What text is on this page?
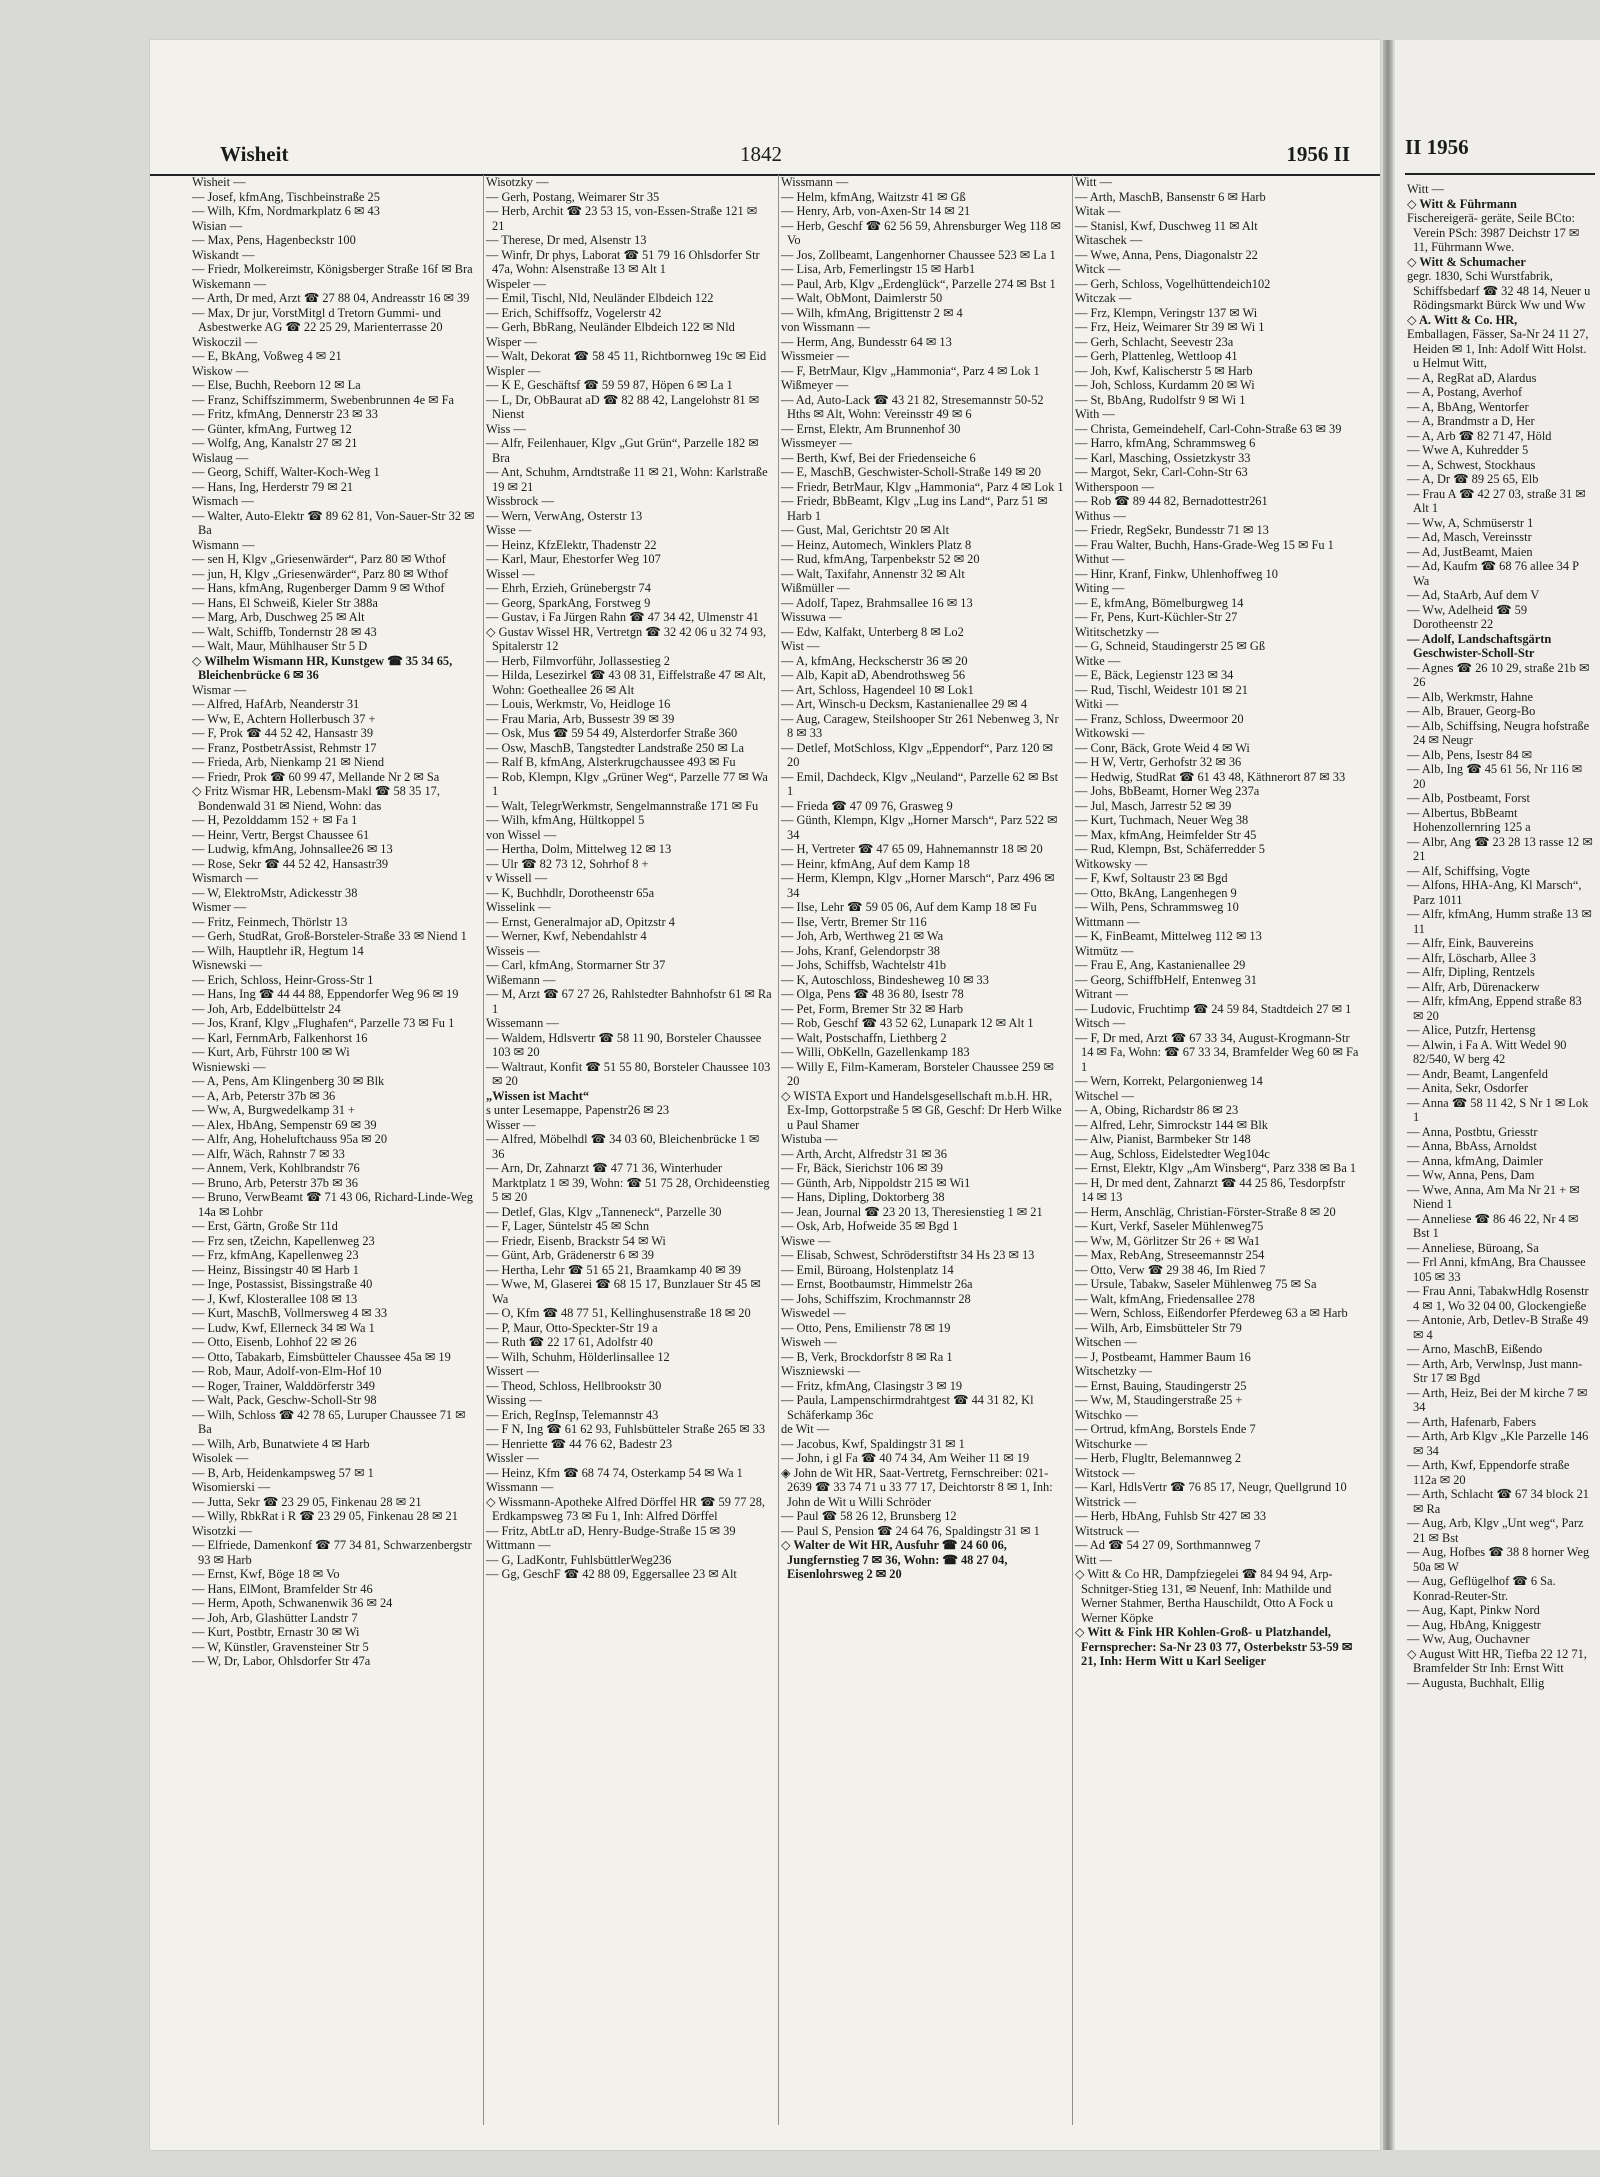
Wisheit	1842	1956 II
Wisheit —
— Josef, kfmAng, Tischbeinstraße 25
— Wilh, Kfm, Nordmarkplatz 6 ✉ 43
Wisian —
— Max, Pens, Hagenbeckstr 100
Wiskandt —
— Friedr, Molkereimstr, Königsberger Straße 16f ✉ Bra
Wiskemann —
— Arth, Dr med, Arzt ☎ 27 88 04, Andreasstr 16 ✉ 39
— Max, Dr jur, VorstMitgl d Tretorn Gummi- und Asbestwerke AG ☎ 22 25 29, Marienterrasse 20
Wiskoczil —
— E, BkAng, Voßweg 4 ✉ 21
Wiskow —
— Else, Buchh, Reeborn 12 ✉ La
— Franz, Schiffszimmerm, Swebenbrunnen 4e ✉ Fa
— Fritz, kfmAng, Dennerstr 23 ✉ 33
— Günter, kfmAng, Furtweg 12
— Wolfg, Ang, Kanalstr 27 ✉ 21
Wislaug —
— Georg, Schiff, Walter-Koch-Weg 1
— Hans, Ing, Herderstr 79 ✉ 21
Wismach —
— Walter, Auto-Elektr ☎ 89 62 81, Von-Sauer-Str 32 ✉ Ba
Wismann —
— sen H, Klgv „Griesenwärder“, Parz 80 ✉ Wthof
— jun, H, Klgv „Griesenwärder“, Parz 80 ✉ Wthof
— Hans, kfmAng, Rugenberger Damm 9 ✉ Wthof
— Hans, El Schweiß, Kieler Str 388a
— Marg, Arb, Duschweg 25 ✉ Alt
— Walt, Schiffb, Tondernstr 28 ✉ 43
— Walt, Maur, Mühlhauser Str 5 D
◇ Wilhelm Wismann HR, Kunstgew ☎ 35 34 65, Bleichenbrücke 6 ✉ 36
Wismar —
— Alfred, HafArb, Neanderstr 31
— Ww, E, Achtern Hollerbusch 37 +
— F, Prok ☎ 44 52 42, Hansastr 39
— Franz, PostbetrAssist, Rehmstr 17
— Frieda, Arb, Nienkamp 21 ✉ Niend
— Friedr, Prok ☎ 60 99 47, Mellande Nr 2 ✉ Sa
◇ Fritz Wismar HR, Lebensm-Makl ☎ 58 35 17, Bondenwald 31 ✉ Niend, Wohn: das
— H, Pezolddamm 152 + ✉ Fa 1
— Heinr, Vertr, Bergst Chaussee 61
— Ludwig, kfmAng, Johnsallee26 ✉ 13
— Rose, Sekr ☎ 44 52 42, Hansastr39
Wismarch —
— W, ElektroMstr, Adickesstr 38
Wismer —
— Fritz, Feinmech, Thörlstr 13
— Gerh, StudRat, Groß-Borsteler-Straße 33 ✉ Niend 1
— Wilh, Hauptlehr iR, Hegtum 14
Wisnewski —
— Erich, Schloss, Heinr-Gross-Str 1
— Hans, Ing ☎ 44 44 88, Eppendorfer Weg 96 ✉ 19
— Joh, Arb, Eddelbüttelstr 24
— Jos, Kranf, Klgv „Flughafen“, Parzelle 73 ✉ Fu 1
— Karl, FernmArb, Falkenhorst 16
— Kurt, Arb, Führstr 100 ✉ Wi
Wisniewski —
— A, Pens, Am Klingenberg 30 ✉ Blk
— A, Arb, Peterstr 37b ✉ 36
— Ww, A, Burgwedelkamp 31 +
— Alex, HbAng, Sempenstr 69 ✉ 39
— Alfr, Ang, Hoheluftchauss 95a ✉ 20
— Alfr, Wäch, Rahnstr 7 ✉ 33
— Annem, Verk, Kohlbrandstr 76
— Bruno, Arb, Peterstr 37b ✉ 36
— Bruno, VerwBeamt ☎ 71 43 06, Richard-Linde-Weg 14a ✉ Lohbr
— Erst, Gärtn, Große Str 11d
— Frz sen, tZeichn, Kapellenweg 23
— Frz, kfmAng, Kapellenweg 23
— Heinz, Bissingstr 40 ✉ Harb 1
— Inge, Postassist, Bissingstraße 40
— J, Kwf, Klosterallee 108 ✉ 13
— Kurt, MaschB, Vollmersweg 4 ✉ 33
— Ludw, Kwf, Ellerneck 34 ✉ Wa 1
— Otto, Eisenb, Lohhof 22 ✉ 26
— Otto, Tabakarb, Eimsbütteler Chaussee 45a ✉ 19
— Rob, Maur, Adolf-von-Elm-Hof 10
— Roger, Trainer, Walddörferstr 349
— Walt, Pack, Geschw-Scholl-Str 98
— Wilh, Schloss ☎ 42 78 65, Luruper Chaussee 71 ✉ Ba
— Wilh, Arb, Bunatwiete 4 ✉ Harb
Wisolek —
— B, Arb, Heidenkampsweg 57 ✉ 1
Wisomierski —
— Jutta, Sekr ☎ 23 29 05, Finkenau 28 ✉ 21
— Willy, RbkRat i R ☎ 23 29 05, Finkenau 28 ✉ 21
Wisotzki —
— Elfriede, Damenkonf ☎ 77 34 81, Schwarzenbergstr 93 ✉ Harb
— Ernst, Kwf, Böge 18 ✉ Vo
— Hans, ElMont, Bramfelder Str 46
— Herm, Apoth, Schwanenwik 36 ✉ 24
— Joh, Arb, Glashütter Landstr 7
— Kurt, Postbtr, Ernastr 30 ✉ Wi
— W, Künstler, Gravensteiner Str 5
— W, Dr, Labor, Ohlsdorfer Str 47a
Wisotzky —
— Gerh, Postang, Weimarer Str 35
— Herb, Archit ☎ 23 53 15, von-Essen-Straße 121 ✉ 21
— Therese, Dr med, Alsenstr 13
— Winfr, Dr phys, Laborat ☎ 51 79 16 Ohlsdorfer Str 47a, Wohn: Alsenstraße 13 ✉ Alt 1
Wispeler —
— Emil, Tischl, Nld, Neuländer Elbdeich 122
— Erich, Schiffsoffz, Vogelerstr 42
— Gerh, BbRang, Neuländer Elbdeich 122 ✉ Nld
Wisper —
— Walt, Dekorat ☎ 58 45 11, Richtbornweg 19c ✉ Eid
Wispler —
— K E, Geschäftsf ☎ 59 59 87, Höpen 6 ✉ La 1
— L, Dr, ObBaurat aD ☎ 82 88 42, Langelohstr 81 ✉ Nienst
Wiss —
— Alfr, Feilenhauer, Klgv „Gut Grün“, Parzelle 182 ✉ Bra
— Ant, Schuhm, Arndtstraße 11 ✉ 21, Wohn: Karlstraße 19 ✉ 21
Wissbrock —
— Wern, VerwAng, Osterstr 13
Wisse —
— Heinz, KfzElektr, Thadenstr 22
— Karl, Maur, Ehestorfer Weg 107
Wissel —
— Ehrh, Erzieh, Grünebergstr 74
— Georg, SparkAng, Forstweg 9
— Gustav, i Fa Jürgen Rahn ☎ 47 34 42, Ulmenstr 41
◇ Gustav Wissel HR, Vertretgn ☎ 32 42 06 u 32 74 93, Spitalerstr 12
— Herb, Filmvorführ, Jollassestieg 2
— Hilda, Lesezirkel ☎ 43 08 31, Eiffelstraße 47 ✉ Alt, Wohn: Goetheallee 26 ✉ Alt
— Louis, Werkmstr, Vo, Heidloge 16
— Frau Maria, Arb, Bussestr 39 ✉ 39
— Osk, Mus ☎ 59 54 49, Alsterdorfer Straße 360
— Osw, MaschB, Tangstedter Landstraße 250 ✉ La
— Ralf B, kfmAng, Alsterkrugchaussee 493 ✉ Fu
— Rob, Klempn, Klgv „Grüner Weg“, Parzelle 77 ✉ Wa 1
— Walt, TelegrWerkmstr, Sengelmannstraße 171 ✉ Fu
— Wilh, kfmAng, Hültkoppel 5
von Wissel —
— Hertha, Dolm, Mittelweg 12 ✉ 13
— Ulr ☎ 82 73 12, Sohrhof 8 +
v Wissell —
— K, Buchhdlr, Dorotheenstr 65a
Wisselink —
— Ernst, Generalmajor aD, Opitzstr 4
— Werner, Kwf, Nebendahlstr 4
Wisseis —
— Carl, kfmAng, Stormarner Str 37
Wißemann —
— M, Arzt ☎ 67 27 26, Rahlstedter Bahnhofstr 61 ✉ Ra 1
Wissemann —
— Waldem, Hdlsvertr ☎ 58 11 90, Borsteler Chaussee 103 ✉ 20
— Waltraut, Konfit ☎ 51 55 80, Borsteler Chaussee 103 ✉ 20
„Wissen ist Macht“
s unter Lesemappe, Papenstr26 ✉ 23
Wisser —
— Alfred, Möbelhdl ☎ 34 03 60, Bleichenbrücke 1 ✉ 36
— Arn, Dr, Zahnarzt ☎ 47 71 36, Winterhuder Marktplatz 1 ✉ 39, Wohn: ☎ 51 75 28, Orchideenstieg 5 ✉ 20
— Detlef, Glas, Klgv „Tanneneck“, Parzelle 30
— F, Lager, Süntelstr 45 ✉ Schn
— Friedr, Eisenb, Brackstr 54 ✉ Wi
— Günt, Arb, Grädenerstr 6 ✉ 39
— Hertha, Lehr ☎ 51 65 21, Braamkamp 40 ✉ 39
— Wwe, M, Glaserei ☎ 68 15 17, Bunzlauer Str 45 ✉ Wa
— O, Kfm ☎ 48 77 51, Kellinghusenstraße 18 ✉ 20
— P, Maur, Otto-Speckter-Str 19 a
— Ruth ☎ 22 17 61, Adolfstr 40
— Wilh, Schuhm, Hölderlinsallee 12
Wissert —
— Theod, Schloss, Hellbrookstr 30
Wissing —
— Erich, RegInsp, Telemannstr 43
— F N, Ing ☎ 61 62 93, Fuhlsbütteler Straße 265 ✉ 33
— Henriette ☎ 44 76 62, Badestr 23
Wissler —
— Heinz, Kfm ☎ 68 74 74, Osterkamp 54 ✉ Wa 1
Wissmann —
◇ Wissmann-Apotheke Alfred Dörffel HR ☎ 59 77 28, Erdkampsweg 73 ✉ Fu 1, Inh: Alfred Dörffel
— Fritz, AbtLtr aD, Henry-Budge-Straße 15 ✉ 39
Wittmann —
— G, LadKontr, FuhlsbüttlerWeg236
— Gg, GeschF ☎ 42 88 09, Eggersallee 23 ✉ Alt
Wissmann —
— Helm, kfmAng, Waitzstr 41 ✉ Gß
— Henry, Arb, von-Axen-Str 14 ✉ 21
— Herb, Geschf ☎ 62 56 59, Ahrensburger Weg 118 ✉ Vo
— Jos, Zollbeamt, Langenhorner Chaussee 523 ✉ La 1
— Lisa, Arb, Femerlingstr 15 ✉ Harb1
— Paul, Arb, Klgv „Erdenglück“, Parzelle 274 ✉ Bst 1
— Walt, ObMont, Daimlerstr 50
— Wilh, kfmAng, Brigittenstr 2 ✉ 4
von Wissmann —
— Herm, Ang, Bundesstr 64 ✉ 13
Wissmeier —
— F, BetrMaur, Klgv „Hammonia“, Parz 4 ✉ Lok 1
Wißmeyer —
— Ad, Auto-Lack ☎ 43 21 82, Stresemannstr 50-52 Hths ✉ Alt, Wohn: Vereinsstr 49 ✉ 6
— Ernst, Elektr, Am Brunnenhof 30
Wissmeyer —
— Berth, Kwf, Bei der Friedenseiche 6
— E, MaschB, Geschwister-Scholl-Straße 149 ✉ 20
— Friedr, BetrMaur, Klgv „Hammonia“, Parz 4 ✉ Lok 1
— Friedr, BbBeamt, Klgv „Lug ins Land“, Parz 51 ✉ Harb 1
— Gust, Mal, Gerichtstr 20 ✉ Alt
— Heinz, Automech, Winklers Platz 8
— Rud, kfmAng, Tarpenbekstr 52 ✉ 20
— Walt, Taxifahr, Annenstr 32 ✉ Alt
Wißmüller —
— Adolf, Tapez, Brahmsallee 16 ✉ 13
Wissuwa —
— Edw, Kalfakt, Unterberg 8 ✉ Lo2
Wist —
— A, kfmAng, Heckscherstr 36 ✉ 20
— Alb, Kapit aD, Abendrothsweg 56
— Art, Schloss, Hagendeel 10 ✉ Lok1
— Art, Winsch-u Decksm, Kastanienallee 29 ✉ 4
— Aug, Caragew, Steilshooper Str 261 Nebenweg 3, Nr 8 ✉ 33
— Detlef, MotSchloss, Klgv „Eppendorf“, Parz 120 ✉ 20
— Emil, Dachdeck, Klgv „Neuland“, Parzelle 62 ✉ Bst 1
— Frieda ☎ 47 09 76, Grasweg 9
— Günth, Klempn, Klgv „Horner Marsch“, Parz 522 ✉ 34
— H, Vertreter ☎ 47 65 09, Hahnemannstr 18 ✉ 20
— Heinr, kfmAng, Auf dem Kamp 18
— Herm, Klempn, Klgv „Horner Marsch“, Parz 496 ✉ 34
— Ilse, Lehr ☎ 59 05 06, Auf dem Kamp 18 ✉ Fu
— Ilse, Vertr, Bremer Str 116
— Joh, Arb, Werthweg 21 ✉ Wa
— Johs, Kranf, Gelendorpstr 38
— Johs, Schiffsb, Wachtelstr 41b
— K, Autoschloss, Bindesheweg 10 ✉ 33
— Olga, Pens ☎ 48 36 80, Isestr 78
— Pet, Form, Bremer Str 32 ✉ Harb
— Rob, Geschf ☎ 43 52 62, Lunapark 12 ✉ Alt 1
— Walt, Postschaffn, Liethberg 2
— Willi, ObKelln, Gazellenkamp 183
— Willy E, Film-Kameram, Borsteler Chaussee 259 ✉ 20
◇ WISTA Export und Handelsgesellschaft m.b.H. HR, Ex-Imp, Gottorpstraße 5 ✉ Gß, Geschf: Dr Herb Wilke u Paul Shamer
Wistuba —
— Arth, Archt, Alfredstr 31 ✉ 36
— Fr, Bäck, Sierichstr 106 ✉ 39
— Günth, Arb, Nippoldstr 215 ✉ Wi1
— Hans, Dipling, Doktorberg 38
— Jean, Journal ☎ 23 20 13, Theresienstieg 1 ✉ 21
— Osk, Arb, Hofweide 35 ✉ Bgd 1
Wiswe —
— Elisab, Schwest, Schröderstiftstr 34 Hs 23 ✉ 13
— Emil, Büroang, Holstenplatz 14
— Ernst, Bootbaumstr, Himmelstr 26a
— Johs, Schiffszim, Krochmannstr 28
Wiswedel —
— Otto, Pens, Emilienstr 78 ✉ 19
Wisweh —
— B, Verk, Brockdorfstr 8 ✉ Ra 1
Wiszniewski —
— Fritz, kfmAng, Clasingstr 3 ✉ 19
— Paula, Lampenschirmdrahtgest ☎ 44 31 82, Kl Schäferkamp 36c
de Wit —
— Jacobus, Kwf, Spaldingstr 31 ✉ 1
— John, i gl Fa ☎ 40 74 34, Am Weiher 11 ✉ 19
◈ John de Wit HR, Saat-Vertretg, Fernschreiber: 021-2639 ☎ 33 74 71 u 33 77 17, Deichtorstr 8 ✉ 1, Inh: John de Wit u Willi Schröder
— Paul ☎ 58 26 12, Brunsberg 12
— Paul S, Pension ☎ 24 64 76, Spaldingstr 31 ✉ 1
◇ Walter de Wit HR, Ausfuhr ☎ 24 60 06, Jungfernstieg 7 ✉ 36, Wohn: ☎ 48 27 04, Eisenlohrsweg 2 ✉ 20
Witt —
— Arth, MaschB, Bansenstr 6 ✉ Harb
Witak —
— Stanisl, Kwf, Duschweg 11 ✉ Alt
Witaschek —
— Wwe, Anna, Pens, Diagonalstr 22
Witck —
— Gerh, Schloss, Vogelhüttendeich102
Witczak —
— Frz, Klempn, Veringstr 137 ✉ Wi
— Frz, Heiz, Weimarer Str 39 ✉ Wi 1
— Gerh, Schlacht, Seevestr 23a
— Gerh, Plattenleg, Wettloop 41
— Joh, Kwf, Kalischerstr 5 ✉ Harb
— Joh, Schloss, Kurdamm 20 ✉ Wi
— St, BbAng, Rudolfstr 9 ✉ Wi 1
With —
— Christa, Gemeindehelf, Carl-Cohn-Straße 63 ✉ 39
— Harro, kfmAng, Schrammsweg 6
— Karl, Masching, Ossietzkystr 33
— Margot, Sekr, Carl-Cohn-Str 63
Witherspoon —
— Rob ☎ 89 44 82, Bernadottestr261
Withus —
— Friedr, RegSekr, Bundesstr 71 ✉ 13
— Frau Walter, Buchh, Hans-Grade-Weg 15 ✉ Fu 1
Withut —
— Hinr, Kranf, Finkw, Uhlenhoffweg 10
Witing —
— E, kfmAng, Bömelburgweg 14
— Fr, Pens, Kurt-Küchler-Str 27
Wititschetzky —
— G, Schneid, Staudingerstr 25 ✉ Gß
Witke —
— E, Bäck, Legienstr 123 ✉ 34
— Rud, Tischl, Weidestr 101 ✉ 21
Witki —
— Franz, Schloss, Dweermoor 20
Witkowski —
— Conr, Bäck, Grote Weid 4 ✉ Wi
— H W, Vertr, Gerhofstr 32 ✉ 36
— Hedwig, StudRat ☎ 61 43 48, Käthnerort 87 ✉ 33
— Johs, BbBeamt, Horner Weg 237a
— Jul, Masch, Jarrestr 52 ✉ 39
— Kurt, Tuchmach, Neuer Weg 38
— Max, kfmAng, Heimfelder Str 45
— Rud, Klempn, Bst, Schäferredder 5
Witkowsky —
— F, Kwf, Soltaustr 23 ✉ Bgd
— Otto, BkAng, Langenhegen 9
— Wilh, Pens, Schrammsweg 10
Wittmann —
— K, FinBeamt, Mittelweg 112 ✉ 13
Witmütz —
— Frau E, Ang, Kastanienallee 29
— Georg, SchiffbHelf, Entenweg 31
Witrant —
— Ludovic, Fruchtimp ☎ 24 59 84, Stadtdeich 27 ✉ 1
Witsch —
— F, Dr med, Arzt ☎ 67 33 34, August-Krogmann-Str 14 ✉ Fa, Wohn: ☎ 67 33 34, Bramfelder Weg 60 ✉ Fa 1
— Wern, Korrekt, Pelargonienweg 14
Witschel —
— A, Obing, Richardstr 86 ✉ 23
— Alfred, Lehr, Simrockstr 144 ✉ Blk
— Alw, Pianist, Barmbeker Str 148
— Aug, Schloss, Eidelstedter Weg104c
— Ernst, Elektr, Klgv „Am Winsberg“, Parz 338 ✉ Ba 1
— H, Dr med dent, Zahnarzt ☎ 44 25 86, Tesdorpfstr 14 ✉ 13
— Herm, Anschläg, Christian-Förster-Straße 8 ✉ 20
— Kurt, Verkf, Saseler Mühlenweg75
— Ww, M, Görlitzer Str 26 + ✉ Wa1
— Max, RebAng, Streseemannstr 254
— Otto, Verw ☎ 29 38 46, Im Ried 7
— Ursule, Tabakw, Saseler Mühlenweg 75 ✉ Sa
— Walt, kfmAng, Friedensallee 278
— Wern, Schloss, Eißendorfer Pferdeweg 63 a ✉ Harb
— Wilh, Arb, Eimsbütteler Str 79
Witschen —
— J, Postbeamt, Hammer Baum 16
Witschetzky —
— Ernst, Bauing, Staudingerstr 25
— Ww, M, Staudingerstraße 25 +
Witschko —
— Ortrud, kfmAng, Borstels Ende 7
Witschurke —
— Herb, Flugltr, Belemannweg 2
Witstock —
— Karl, HdlsVertr ☎ 76 85 17, Neugr, Quellgrund 10
Witstrick —
— Herb, HbAng, Fuhlsb Str 427 ✉ 33
Witstruck —
— Ad ☎ 54 27 09, Sorthmannweg 7
Witt —
◇ Witt & Co HR, Dampfziegelei ☎ 84 94 94, Arp-Schnitger-Stieg 131, ✉ Neuenf, Inh: Mathilde und Werner Stahmer, Bertha Hauschildt, Otto A Fock u Werner Köpke
◇ Witt & Fink HR Kohlen-Groß- u Platzhandel, Fernsprecher: Sa-Nr 23 03 77, Osterbekstr 53-59 ✉ 21, Inh: Herm Witt u Karl Seeliger
II 1956
Witt —
◇ Witt & Führmann
Fischereigerä- geräte, Seile BCto: Verein PSch: 3987 Deichstr 17 ✉ 11, Führmann Wwe.
◇ Witt & Schumacher
gegr. 1830, Schi Wurstfabrik, Schiffsbedarf ☎ 32 48 14, Neuer u Rödingsmarkt Bürck Ww und Ww
◇ A. Witt & Co. HR,
Emballagen, Fässer, Sa-Nr 24 11 27, Heiden ✉ 1, Inh: Adolf Witt Holst. u Helmut Witt,
— A, RegRat aD, Alardus
— A, Postang, Averhof
— A, BbAng, Wentorfer
— A, Brandmstr a D, Her
— A, Arb ☎ 82 71 47, Höld
— Wwe A, Kuhredder 5
— A, Schwest, Stockhaus
— A, Dr ☎ 89 25 65, Elb
— Frau A ☎ 42 27 03, straße 31 ✉ Alt 1
— Ww, A, Schmüserstr 1
— Ad, Masch, Vereinsstr
— Ad, JustBeamt, Maien
— Ad, Kaufm ☎ 68 76 allee 34 P Wa
— Ad, StaArb, Auf dem V
— Ww, Adelheid ☎ 59 Dorotheenstr 22
— Adolf, Landschaftsgärtn Geschwister-Scholl-Str
— Agnes ☎ 26 10 29, straße 21b ✉ 26
— Alb, Werkmstr, Hahne
— Alb, Brauer, Georg-Bo
— Alb, Schiffsing, Neugra hofstraße 24 ✉ Neugr
— Alb, Pens, Isestr 84 ✉
— Alb, Ing ☎ 45 61 56, Nr 116 ✉ 20
— Alb, Postbeamt, Forst
— Albertus, BbBeamt Hohenzollernring 125 a
— Albr, Ang ☎ 23 28 13 rasse 12 ✉ 21
— Alf, Schiffsing, Vogte
— Alfons, HHA-Ang, Kl Marsch“, Parz 1011
— Alfr, kfmAng, Humm straße 13 ✉ 11
— Alfr, Eink, Bauvereins
— Alfr, Löscharb, Allee 3
— Alfr, Dipling, Rentzels
— Alfr, Arb, Dürenackerw
— Alfr, kfmAng, Eppend straße 83 ✉ 20
— Alice, Putzfr, Hertensg
— Alwin, i Fa A. Witt Wedel 90 82/540, W berg 42
— Andr, Beamt, Langenfeld
— Anita, Sekr, Osdorfer
— Anna ☎ 58 11 42, S Nr 1 ✉ Lok 1
— Anna, Postbtu, Griesstr
— Anna, BbAss, Arnoldst
— Anna, kfmAng, Daimler
— Ww, Anna, Pens, Dam
— Wwe, Anna, Am Ma Nr 21 + ✉ Niend 1
— Anneliese ☎ 86 46 22, Nr 4 ✉ Bst 1
— Anneliese, Büroang, Sa
— Frl Anni, kfmAng, Bra Chaussee 105 ✉ 33
— Frau Anni, TabakwHdlg Rosenstr 4 ✉ 1, Wo 32 04 00, Glockengieße
— Antonie, Arb, Detlev-B Straße 49 ✉ 4
— Arno, MaschB, Eißendo
— Arth, Arb, Verwlnsp, Just mann-Str 17 ✉ Bgd
— Arth, Heiz, Bei der M kirche 7 ✉ 34
— Arth, Hafenarb, Fabers
— Arth, Arb Klgv „Kle Parzelle 146 ✉ 34
— Arth, Kwf, Eppendorfe straße 112a ✉ 20
— Arth, Schlacht ☎ 67 34 block 21 ✉ Ra
— Aug, Arb, Klgv „Unt weg“, Parz 21 ✉ Bst
— Aug, Hofbes ☎ 38 8 horner Weg 50a ✉ W
— Aug, Geflügelhof ☎ 6 Sa. Konrad-Reuter-Str.
— Aug, Kapt, Pinkw Nord
— Aug, HbAng, Kniggestr
— Ww, Aug, Ouchavner
◇ August Witt HR, Tiefba 22 12 71, Bramfelder Str Inh: Ernst Witt
— Augusta, Buchhalt, Ellig
